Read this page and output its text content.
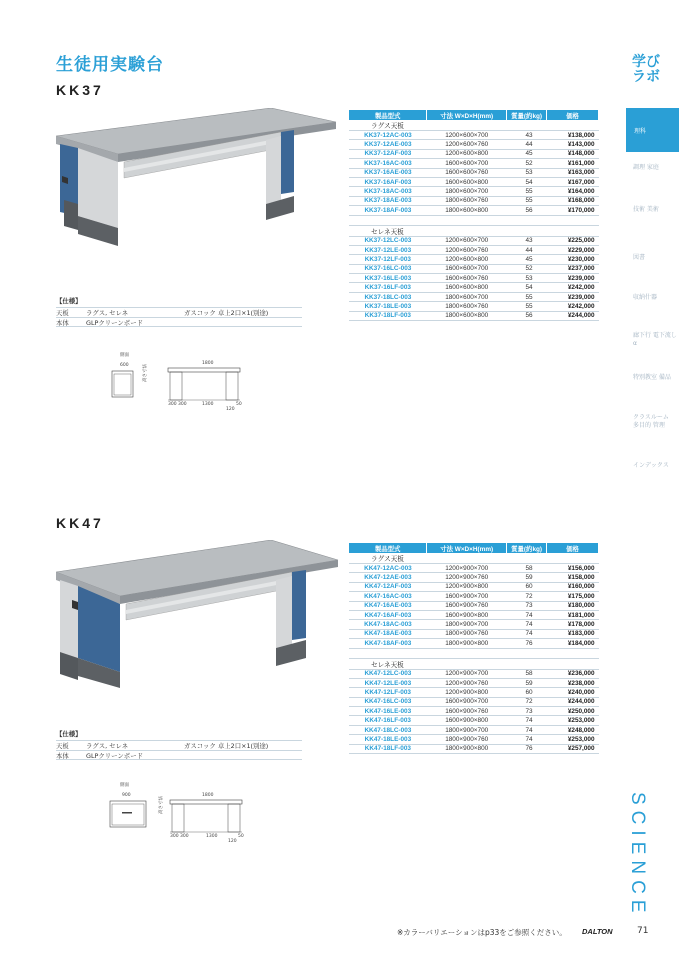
生徒用実験台
KK37
製品型式	寸法 W×D×H(mm)	質量(約kg)	価格
ラグス天板			
KK37-12AC-003	1200×600×700	43	¥138,000
KK37-12AE-003	1200×600×760	44	¥143,000
KK37-12AF-003	1200×600×800	45	¥148,000
KK37-16AC-003	1600×600×700	52	¥161,000
KK37-16AE-003	1600×600×760	53	¥163,000
KK37-16AF-003	1600×600×800	54	¥167,000
KK37-18AC-003	1800×600×700	55	¥164,000
KK37-18AE-003	1800×600×760	55	¥168,000
KK37-18AF-003	1800×600×800	56	¥170,000

セレネ天板			
KK37-12LC-003	1200×600×700	43	¥225,000
KK37-12LE-003	1200×600×760	44	¥229,000
KK37-12LF-003	1200×600×800	45	¥230,000
KK37-16LC-003	1600×600×700	52	¥237,000
KK37-16LE-003	1600×600×760	53	¥239,000
KK37-16LF-003	1600×600×800	54	¥242,000
KK37-18LC-003	1800×600×700	55	¥239,000
KK37-18LE-003	1800×600×760	55	¥242,000
KK37-18LF-003	1800×600×800	56	¥244,000
【仕様】
天板	ラグス, セレネ	ガスコック 卓上2口×1(別途)
本体	GLPクリーンボード
側面
600	1800
高さ寸法
300 300	1300
120
50
KK47
製品型式	寸法 W×D×H(mm)	質量(約kg)	価格
ラグス天板			
KK47-12AC-003	1200×900×700	58	¥156,000
KK47-12AE-003	1200×900×760	59	¥158,000
KK47-12AF-003	1200×900×800	60	¥160,000
KK47-16AC-003	1600×900×700	72	¥175,000
KK47-16AE-003	1600×900×760	73	¥180,000
KK47-16AF-003	1600×900×800	74	¥181,000
KK47-18AC-003	1800×900×700	74	¥178,000
KK47-18AE-003	1800×900×760	74	¥183,000
KK47-18AF-003	1800×900×800	76	¥184,000

セレネ天板			
KK47-12LC-003	1200×900×700	58	¥236,000
KK47-12LE-003	1200×900×760	59	¥238,000
KK47-12LF-003	1200×900×800	60	¥240,000
KK47-16LC-003	1600×900×700	72	¥244,000
KK47-16LE-003	1600×900×760	73	¥250,000
KK47-16LF-003	1600×900×800	74	¥253,000
KK47-18LC-003	1800×900×700	74	¥248,000
KK47-18LE-003	1800×900×760	74	¥253,000
KK47-18LF-003	1800×900×800	76	¥257,000
【仕様】
天板	ラグス, セレネ	ガスコック 卓上2口×1(別途)
本体	GLPクリーンボード
側面
900	1800
高さ寸法
300 300	1300
120
50
学び ラボ
理科
調理 家庭
技術 美術
図書
収納什器
廊下行 電下流しα
特別教室 備品
クラスルーム 多目的 管理
インデックス
SCIENCE
※カラーバリエーションはp33をご参照ください。 DALTON	71
